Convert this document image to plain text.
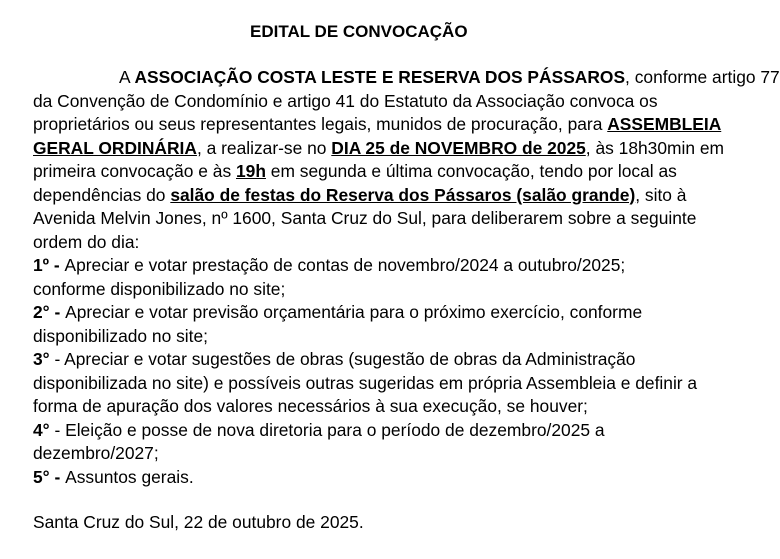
EDITAL DE CONVOCAÇÃO
A ASSOCIAÇÃO COSTA LESTE E RESERVA DOS PÁSSAROS, conforme artigo 77
da Convenção de Condomínio e artigo 41 do Estatuto da Associação convoca os
proprietários ou seus representantes legais, munidos de procuração, para ASSEMBLEIA
GERAL ORDINÁRIA, a realizar-se no DIA 25 de NOVEMBRO de 2025, às 18h30min em
primeira convocação e às 19h em segunda e última convocação, tendo por local as
dependências do salão de festas do Reserva dos Pássaros (salão grande), sito à
Avenida Melvin Jones, nº 1600, Santa Cruz do Sul, para deliberarem sobre a seguinte
ordem do dia:
1º - Apreciar e votar prestação de contas de novembro/2024 a outubro/2025;
conforme disponibilizado no site;
2° - Apreciar e votar previsão orçamentária para o próximo exercício, conforme
disponibilizado no site;
3° - Apreciar e votar sugestões de obras (sugestão de obras da Administração
disponibilizada no site) e possíveis outras sugeridas em própria Assembleia e definir a
forma de apuração dos valores necessários à sua execução, se houver;
4° - Eleição e posse de nova diretoria para o período de dezembro/2025 a
dezembro/2027;
5° - Assuntos gerais.
Santa Cruz do Sul, 22 de outubro de 2025.
